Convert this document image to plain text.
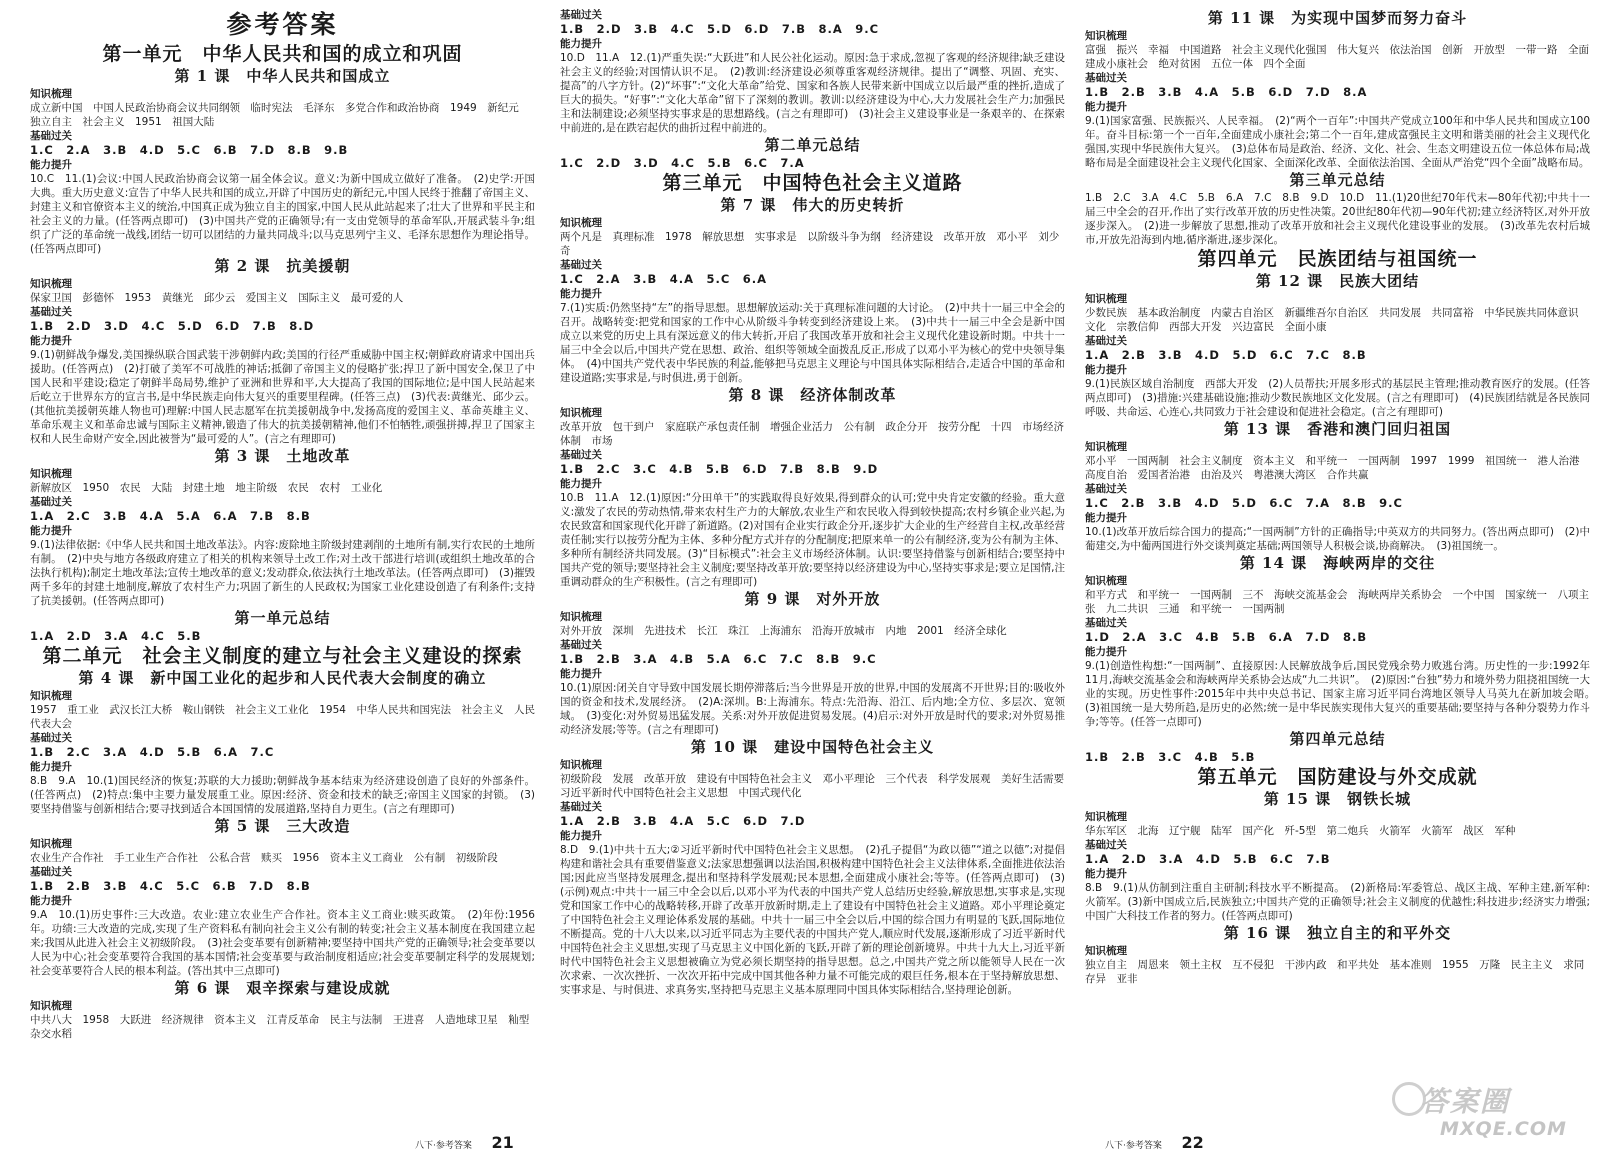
参考答案

第一单元　中华人民共和国的成立和巩固

第 1 课　中华人民共和国成立

知识梳理

成立新中国　中国人民政治协商会议共同纲领　临时宪法　毛泽东　多党合作和政治协商　1949　新纪元　独立自主　社会主义　1951　祖国大陆

基础过关

1.C　2.A　3.B　4.D　5.C　6.B　7.D　8.B　9.B

能力提升

10.C　11.(1)会议:中国人民政治协商会议第一届全体会议。意义:为新中国成立做好了准备。　(2)史学:开国大典。重大历史意义:宣告了中华人民共和国的成立,开辟了中国历史的新纪元,中国人民终于推翻了帝国主义、封建主义和官僚资本主义的统治,中国真正成为独立自主的国家,中国人民从此站起来了;壮大了世界和平民主和社会主义的力量。(任答两点即可)　(3)中国共产党的正确领导;有一支由党领导的革命军队,开展武装斗争;组织了广泛的革命统一战线,团结一切可以团结的力量共同战斗;以马克思列宁主义、毛泽东思想作为理论指导。(任答两点即可)

第 2 课　抗美援朝

知识梳理

保家卫国　彭德怀　1953　黄继光　邱少云　爱国主义　国际主义　最可爱的人

基础过关

1.B　2.D　3.D　4.C　5.D　6.D　7.B　8.D

能力提升

9.(1)朝鲜战争爆发,美国操纵联合国武装干涉朝鲜内政;美国的行径严重威胁中国主权;朝鲜政府请求中国出兵援助。(任答两点)　(2)打破了美军不可战胜的神话;抵御了帝国主义的侵略扩张;捍卫了新中国安全,保卫了中国人民和平建设;稳定了朝鲜半岛局势,维护了亚洲和世界和平,大大提高了我国的国际地位;是中国人民站起来后屹立于世界东方的宣言书,是中华民族走向伟大复兴的重要里程碑。(任答三点)　(3)代表:黄继光、邱少云。(其他抗美援朝英雄人物也可)理解:中国人民志愿军在抗美援朝战争中,发扬高度的爱国主义、革命英雄主义、革命乐观主义和革命忠诚与国际主义精神,锻造了伟大的抗美援朝精神,他们不怕牺牲,顽强拼搏,捍卫了国家主权和人民生命财产安全,因此被誉为“最可爱的人”。(言之有理即可)

第 3 课　土地改革

知识梳理

新解放区　1950　农民　大陆　封建土地　地主阶级　农民　农村　工业化

基础过关

1.A　2.C　3.B　4.A　5.A　6.A　7.B　8.B

能力提升

9.(1)法律依据:《中华人民共和国土地改革法》。内容:废除地主阶级封建剥削的土地所有制,实行农民的土地所有制。　(2)中央与地方各级政府建立了相关的机构来领导土改工作;对土改干部进行培训(或组织土地改革的合法执行机构);制定土地改革法;宣传土地改革的意义;发动群众,依法执行土地改革法。(任答两点即可)　(3)摧毁两千多年的封建土地制度,解放了农村生产力;巩固了新生的人民政权;为国家工业化建设创造了有利条件;支持了抗美援朝。(任答两点即可)

第一单元总结

1.A　2.D　3.A　4.C　5.B

第二单元　社会主义制度的建立与社会主义建设的探索

第 4 课　新中国工业化的起步和人民代表大会制度的确立

知识梳理

1957　重工业　武汉长江大桥　鞍山钢铁　社会主义工业化　1954　中华人民共和国宪法　社会主义　人民代表大会

基础过关

1.B　2.C　3.A　4.D　5.B　6.A　7.C

能力提升

8.B　9.A　10.(1)国民经济的恢复;苏联的大力援助;朝鲜战争基本结束为经济建设创造了良好的外部条件。(任答两点)　(2)特点:集中主要力量发展重工业。原因:经济、资金和技术的缺乏;帝国主义国家的封锁。　(3)要坚持借鉴与创新相结合;要寻找到适合本国国情的发展道路,坚持自力更生。(言之有理即可)

第 5 课　三大改造

知识梳理

农业生产合作社　手工业生产合作社　公私合营　赎买　1956　资本主义工商业　公有制　初级阶段

基础过关

1.B　2.B　3.B　4.C　5.C　6.B　7.D　8.B

能力提升

9.A　10.(1)历史事件:三大改造。农业:建立农业生产合作社。资本主义工商业:赎买政策。　(2)年份:1956年。功绩:三大改造的完成,实现了生产资料私有制向社会主义公有制的转变;社会主义基本制度在我国建立起来;我国从此进入社会主义初级阶段。　(3)社会变革要有创新精神;要坚持中国共产党的正确领导;社会变革要以人民为中心;社会变革要符合我国的基本国情;社会变革要与政治制度相适应;社会变革要制定科学的发展规划;社会变革要符合人民的根本利益。(答出其中三点即可)

第 6 课　艰辛探索与建设成就

知识梳理

中共八大　1958　大跃进　经济规律　资本主义　江青反革命　民主与法制　王进喜　人造地球卫星　籼型杂交水稻

基础过关

1.B　2.D　3.B　4.C　5.D　6.D　7.B　8.A　9.C

能力提升

10.D　11.A　12.(1)严重失误:“大跃进”和人民公社化运动。原因:急于求成,忽视了客观的经济规律;缺乏建设社会主义的经验;对国情认识不足。　(2)教训:经济建设必须尊重客观经济规律。提出了“调整、巩固、充实、提高”的八字方针。(2)“坏事”:“文化大革命”给党、国家和各族人民带来新中国成立以后最严重的挫折,造成了巨大的损失。“好事”:“文化大革命”留下了深刻的教训。教训:以经济建设为中心,大力发展社会生产力;加强民主和法制建设;必须坚持实事求是的思想路线。(言之有理即可)　(3)社会主义建设事业是一条艰辛的、在探索中前进的,是在跌宕起伏的曲折过程中前进的。

第二单元总结

1.C　2.D　3.D　4.C　5.B　6.C　7.A

第三单元　中国特色社会主义道路

第 7 课　伟大的历史转折

知识梳理

两个凡是　真理标准　1978　解放思想　实事求是　以阶级斗争为纲　经济建设　改革开放　邓小平　刘少奇

基础过关

1.C　2.A　3.B　4.A　5.C　6.A

能力提升

7.(1)实质:仍然坚持“左”的指导思想。思想解放运动:关于真理标准问题的大讨论。　(2)中共十一届三中全会的召开。战略转变:把党和国家的工作中心从阶级斗争转变到经济建设上来。　(3)中共十一届三中全会是新中国成立以来党的历史上具有深远意义的伟大转折,开启了我国改革开放和社会主义现代化建设新时期。中共十一届三中全会以后,中国共产党在思想、政治、组织等领域全面拨乱反正,形成了以邓小平为核心的党中央领导集体。　(4)中国共产党代表中华民族的利益,能够把马克思主义理论与中国具体实际相结合,走适合中国的革命和建设道路;实事求是,与时俱进,勇于创新。

第 8 课　经济体制改革

知识梳理

改革开放　包干到户　家庭联产承包责任制　增强企业活力　公有制　政企分开　按劳分配　十四　市场经济体制　市场

基础过关

1.B　2.C　3.C　4.B　5.B　6.D　7.B　8.B　9.D

能力提升

10.B　11.A　12.(1)原因:“分田单干”的实践取得良好效果,得到群众的认可;党中央肯定安徽的经验。重大意义:激发了农民的劳动热情,带来农村生产力的大解放,农业生产和农民收入得到较快提高;农村乡镇企业兴起,为农民致富和国家现代化开辟了新道路。(2)对国有企业实行政企分开,逐步扩大企业的生产经营自主权,改革经营责任制;实行以按劳分配为主体、多种分配方式并存的分配制度;把原来单一的公有制经济,变为公有制为主体、多种所有制经济共同发展。(3)“目标模式”:社会主义市场经济体制。认识:要坚持借鉴与创新相结合;要坚持中国共产党的领导;要坚持社会主义制度;要坚持改革开放;要坚持以经济建设为中心,坚持实事求是;要立足国情,注重调动群众的生产积极性。(言之有理即可)

第 9 课　对外开放

知识梳理

对外开放　深圳　先进技术　长江　珠江　上海浦东　沿海开放城市　内地　2001　经济全球化

基础过关

1.B　2.B　3.A　4.B　5.A　6.C　7.C　8.B　9.C

能力提升

10.(1)原因:闭关自守导致中国发展长期停滞落后;当今世界是开放的世界,中国的发展离不开世界;目的:吸收外国的资金和技术,发展经济。　(2)A:深圳。B:上海浦东。特点:先沿海、沿江、后内地;全方位、多层次、宽领域。　(3)变化:对外贸易迅猛发展。关系:对外开放促进贸易发展。(4)启示:对外开放是时代的要求;对外贸易推动经济发展;等等。(言之有理即可)

第 10 课　建设中国特色社会主义

知识梳理

初级阶段　发展　改革开放　建设有中国特色社会主义　邓小平理论　三个代表　科学发展观　美好生活需要　习近平新时代中国特色社会主义思想　中国式现代化

基础过关

1.A　2.B　3.B　4.A　5.C　6.D　7.D

能力提升

8.D　9.(1)中共十五大;②习近平新时代中国特色社会主义思想。　(2)孔子提倡“为政以德”“道之以德”;对提倡构建和谐社会具有重要借鉴意义;法家思想强调以法治国,积极构建中国特色社会主义法律体系,全面推进依法治国;因此应当坚持发展理念,提出和坚持科学发展观;民本思想,全面建成小康社会;等等。(任答两点即可)　(3)(示例)观点:中共十一届三中全会以后,以邓小平为代表的中国共产党人总结历史经验,解放思想,实事求是,实现党和国家工作中心的战略转移,开辟了改革开放新时期,走上了建设有中国特色社会主义道路。邓小平理论奠定了中国特色社会主义理论体系发展的基础。中共十一届三中全会以后,中国的综合国力有明显的飞跃,国际地位不断提高。党的十八大以来,以习近平同志为主要代表的中国共产党人,顺应时代发展,逐渐形成了习近平新时代中国特色社会主义思想,实现了马克思主义中国化新的飞跃,开辟了新的理论创新境界。中共十九大上,习近平新时代中国特色社会主义思想被确立为党必须长期坚持的指导思想。总之,中国共产党之所以能领导人民在一次次求索、一次次挫折、一次次开拓中完成中国其他各种力量不可能完成的艰巨任务,根本在于坚持解放思想、实事求是、与时俱进、求真务实,坚持把马克思主义基本原理同中国具体实际相结合,坚持理论创新。

第 11 课　为实现中国梦而努力奋斗

知识梳理

富强　振兴　幸福　中国道路　社会主义现代化强国　伟大复兴　依法治国　创新　开放型　一带一路　全面建成小康社会　绝对贫困　五位一体　四个全面

基础过关

1.B　2.B　3.B　4.A　5.B　6.D　7.D　8.A

能力提升

9.(1)国家富强、民族振兴、人民幸福。　(2)“两个一百年”:中国共产党成立100年和中华人民共和国成立100年。奋斗目标:第一个一百年,全面建成小康社会;第二个一百年,建成富强民主文明和谐美丽的社会主义现代化强国,实现中华民族伟大复兴。　(3)总体布局是政治、经济、文化、社会、生态文明建设五位一体总体布局;战略布局是全面建设社会主义现代化国家、全面深化改革、全面依法治国、全面从严治党“四个全面”战略布局。

第三单元总结

1.B　2.C　3.A　4.C　5.B　6.A　7.C　8.B　9.D　10.D　11.(1)20世纪70年代末—80年代初;中共十一届三中全会的召开,作出了实行改革开放的历史性决策。20世纪80年代初—90年代初;建立经济特区,对外开放逐步深入。　(2)进一步解放了思想,推动了改革开放和社会主义现代化建设事业的发展。　(3)改革先农村后城市,开放先沿海到内地,循序渐进,逐步深化。

第四单元　民族团结与祖国统一

第 12 课　民族大团结

知识梳理

少数民族　基本政治制度　内蒙古自治区　新疆维吾尔自治区　共同发展　共同富裕　中华民族共同体意识　文化　宗教信仰　西部大开发　兴边富民　全面小康

基础过关

1.A　2.B　3.B　4.D　5.D　6.C　7.C　8.B

能力提升

9.(1)民族区域自治制度　西部大开发　(2)人员帮扶;开展多形式的基层民主管理;推动教育医疗的发展。(任答两点即可)　(3)措施:兴建基础设施;推动少数民族地区文化发展。(言之有理即可)　(4)民族团结就是各民族同呼吸、共命运、心连心,共同致力于社会建设和促进社会稳定。(言之有理即可)

第 13 课　香港和澳门回归祖国

知识梳理

邓小平　一国两制　社会主义制度　资本主义　和平统一　一国两制　1997　1999　祖国统一　港人治港　高度自治　爱国者治港　由治及兴　粤港澳大湾区　合作共赢

基础过关

1.C　2.B　3.B　4.D　5.D　6.C　7.A　8.B　9.C

能力提升

10.(1)改革开放后综合国力的提高;“一国两制”方针的正确指导;中英双方的共同努力。(答出两点即可)　(2)中葡建交,为中葡两国进行外交谈判奠定基础;两国领导人积极会谈,协商解决。　(3)祖国统一。

第 14 课　海峡两岸的交往

知识梳理

和平方式　和平统一　一国两制　三不　海峡交流基金会　海峡两岸关系协会　一个中国　国家统一　八项主张　九二共识　三通　和平统一　一国两制

基础过关

1.D　2.A　3.C　4.B　5.B　6.A　7.D　8.B

能力提升

9.(1)创造性构想:“一国两制”、直接原因:人民解放战争后,国民党残余势力败逃台湾。历史性的一步:1992年11月,海峡交流基金会和海峡两岸关系协会达成“九二共识”。　(2)原因:“台独”势力和境外势力阻挠祖国统一大业的实现。历史性事件:2015年中共中央总书记、国家主席习近平同台湾地区领导人马英九在新加坡会晤。　(3)祖国统一是大势所趋,是历史的必然;统一是中华民族实现伟大复兴的重要基础;要坚持与各种分裂势力作斗争;等等。(任答一点即可)

第四单元总结

1.B　2.B　3.C　4.B　5.B

第五单元　国防建设与外交成就

第 15 课　钢铁长城

知识梳理

华东军区　北海　辽宁舰　陆军　国产化　歼-5型　第二炮兵　火箭军　火箭军　战区　军种

基础过关

1.A　2.D　3.A　4.D　5.B　6.C　7.B

能力提升

8.B　9.(1)从仿制到注重自主研制;科技水平不断提高。　(2)新格局:军委管总、战区主战、军种主建,新军种:火箭军。(3)新中国成立后,民族独立;中国共产党的正确领导;社会主义制度的优越性;科技进步;经济实力增强;中国广大科技工作者的努力。(任答两点即可)

第 16 课　独立自主的和平外交

知识梳理

独立自主　周恩来　领土主权　互不侵犯　干涉内政　和平共处　基本准则　1955　万隆　民主主义　求同存异　亚非

八下·参考答案 21	八下·参考答案 22
答案圈
MXQE.COM
